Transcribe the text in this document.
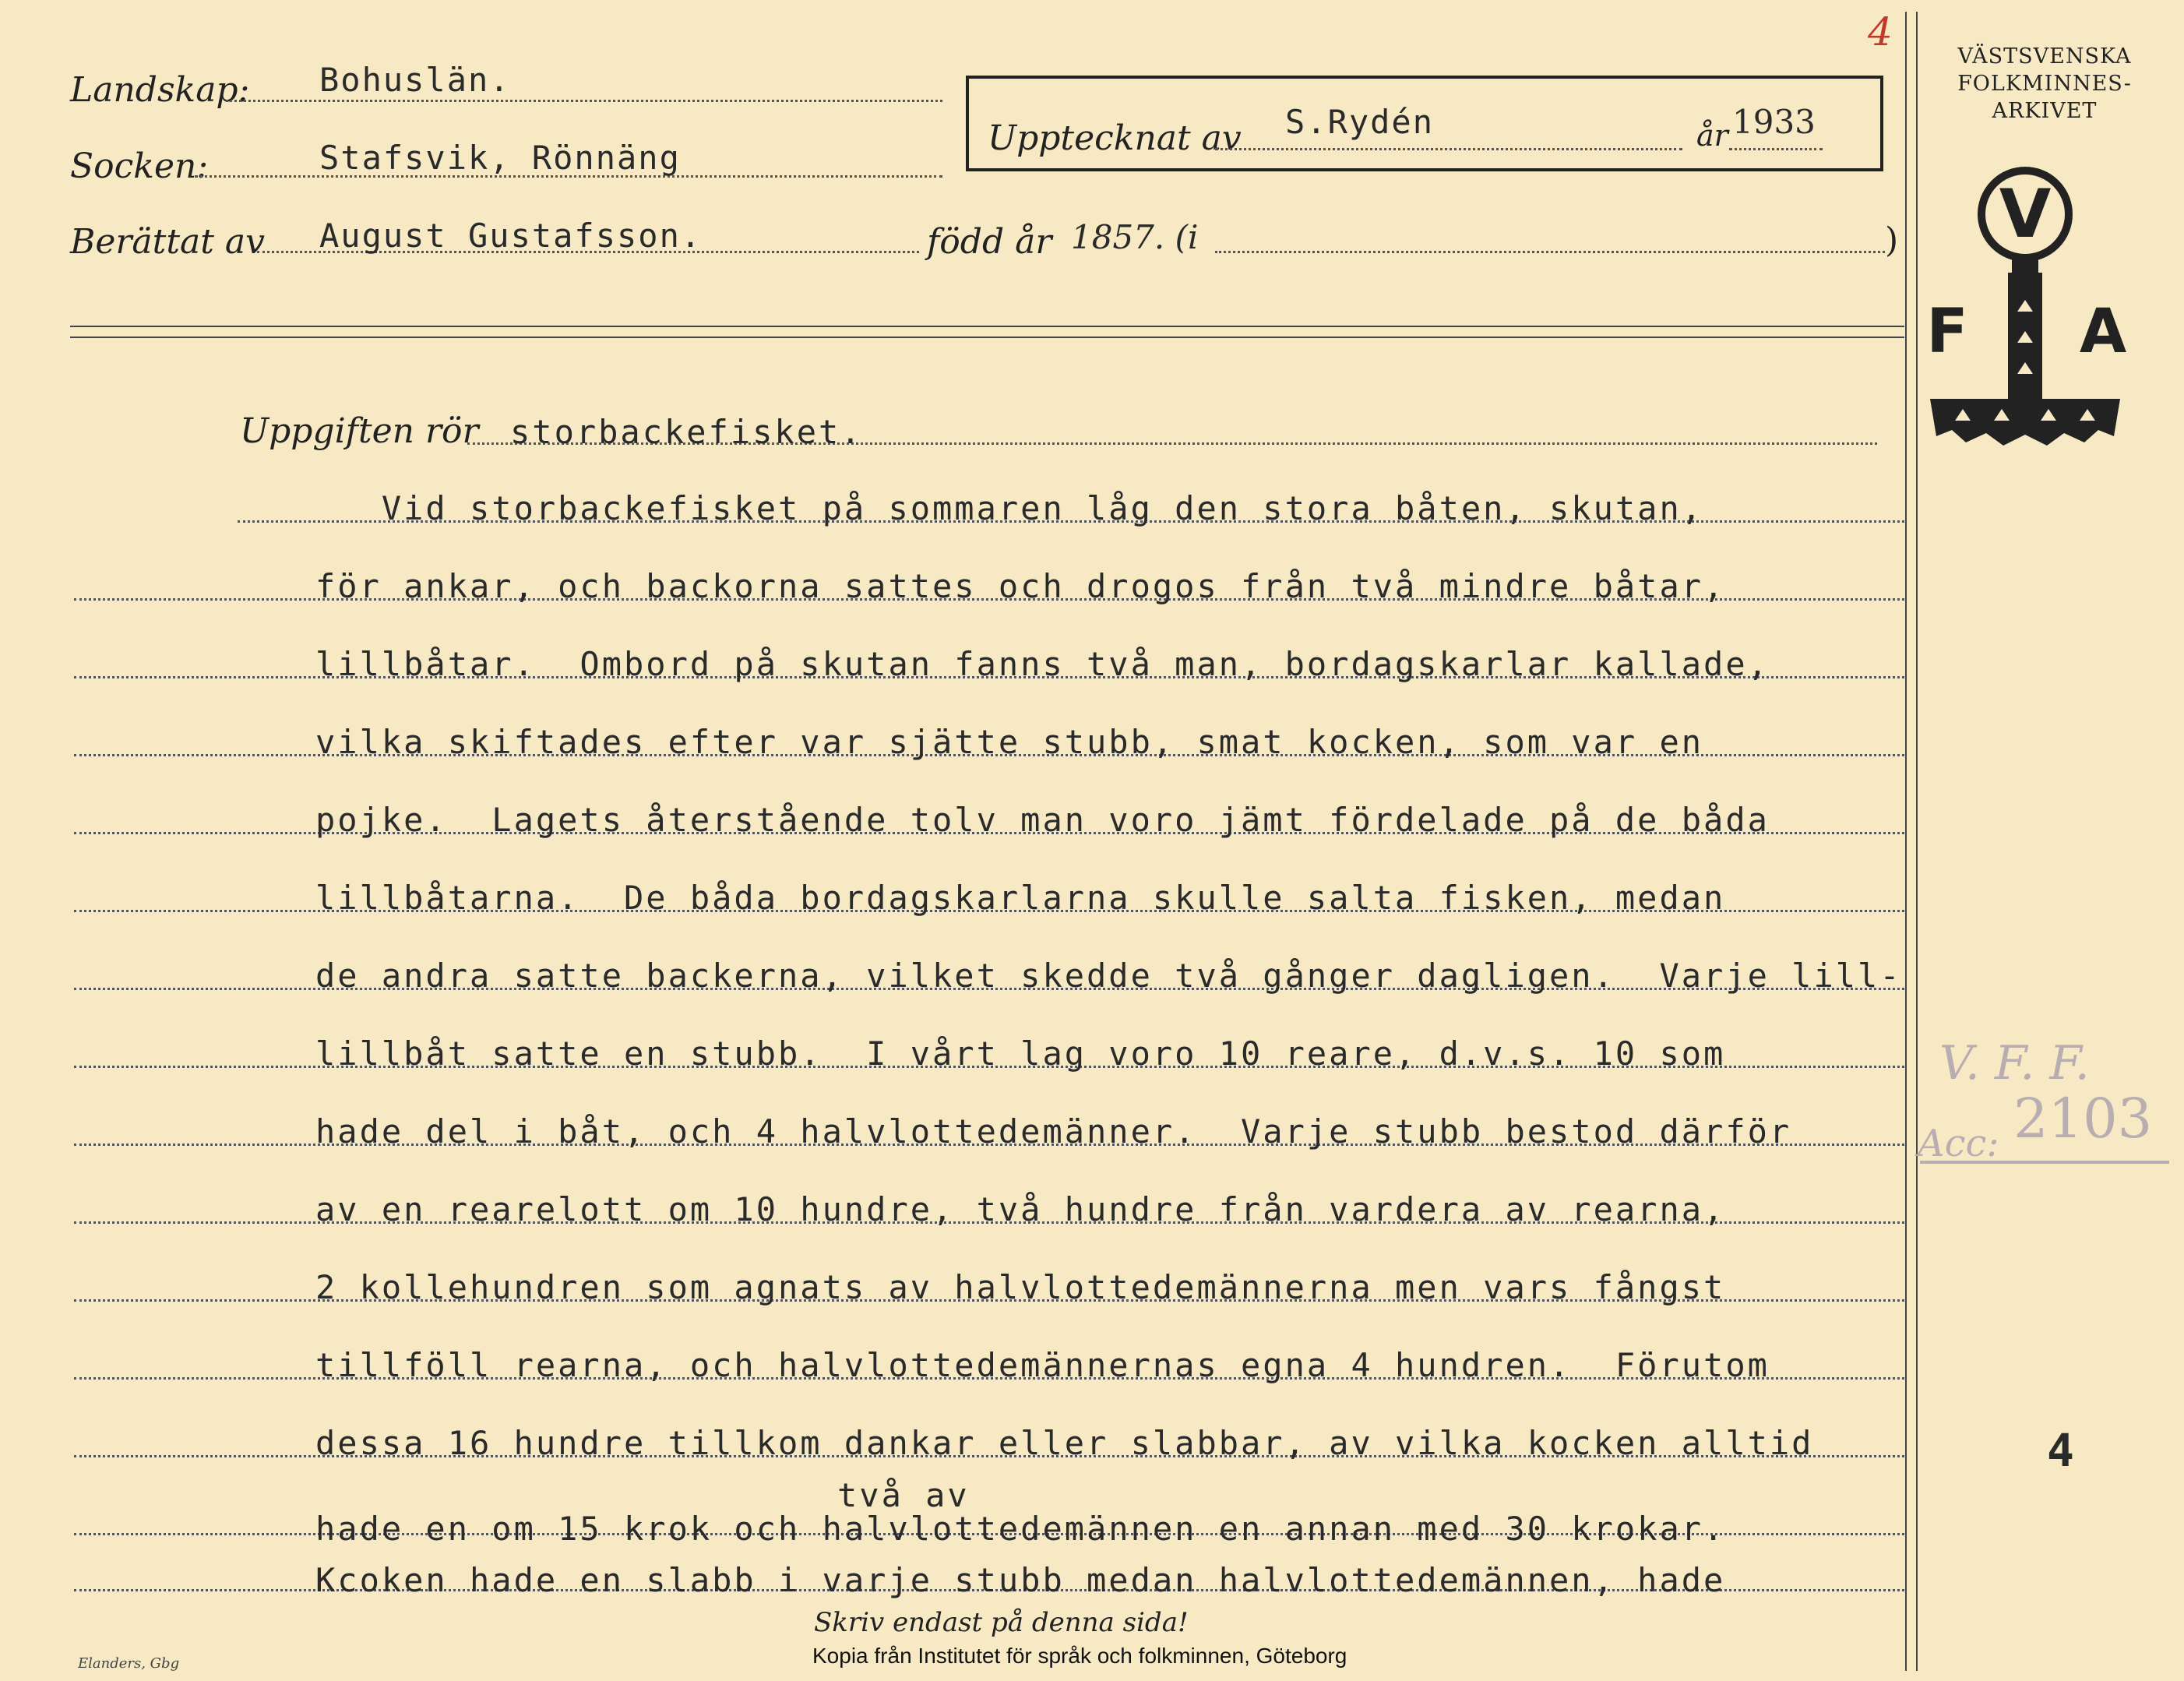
Landskap: Bohuslän.
Socken:	Stafsvik, Rönnäng
Berättat av August Gustafsson.	född år 1857. (i	)
Upptecknat av S.Rydén	år 1933
4
VÄSTSVENSKA
FOLKMINNES-
ARKIVET
V
F A
Uppgiften rör storbackefisket.
Vid storbackefisket på sommaren låg den stora båten, skutan,
för ankar, och backorna sattes och drogos från två mindre båtar,
lillbåtar.  Ombord på skutan fanns två man, bordagskarlar kallade,
vilka skiftades efter var sjätte stubb, smat kocken, som var en
pojke.  Lagets återstående tolv man voro jämt fördelade på de båda
lillbåtarna.  De båda bordagskarlarna skulle salta fisken, medan
de andra satte backerna, vilket skedde två gånger dagligen.  Varje lill-
lillbåt satte en stubb.  I vårt lag voro 10 reare, d.v.s. 10 som
hade del i båt, och 4 halvlottedemänner.  Varje stubb bestod därför
av en rearelott om 10 hundre, två hundre från vardera av rearna,
2 kollehundren som agnats av halvlottedemännerna men vars fångst
tillföll rearna, och halvlottedemännernas egna 4 hundren.  Förutom
dessa 16 hundre tillkom dankar eller slabbar, av vilka kocken alltid
två av
hade en om 15 krok och halvlottedemännen en annan med 30 krokar.
Kcoken hade en slabb i varje stubb medan halvlottedemännen, hade
V. F. F.
Acc: 2103
4
Skriv endast på denna sida!
Elanders, Gbg	Kopia från Institutet för språk och folkminnen, Göteborg
